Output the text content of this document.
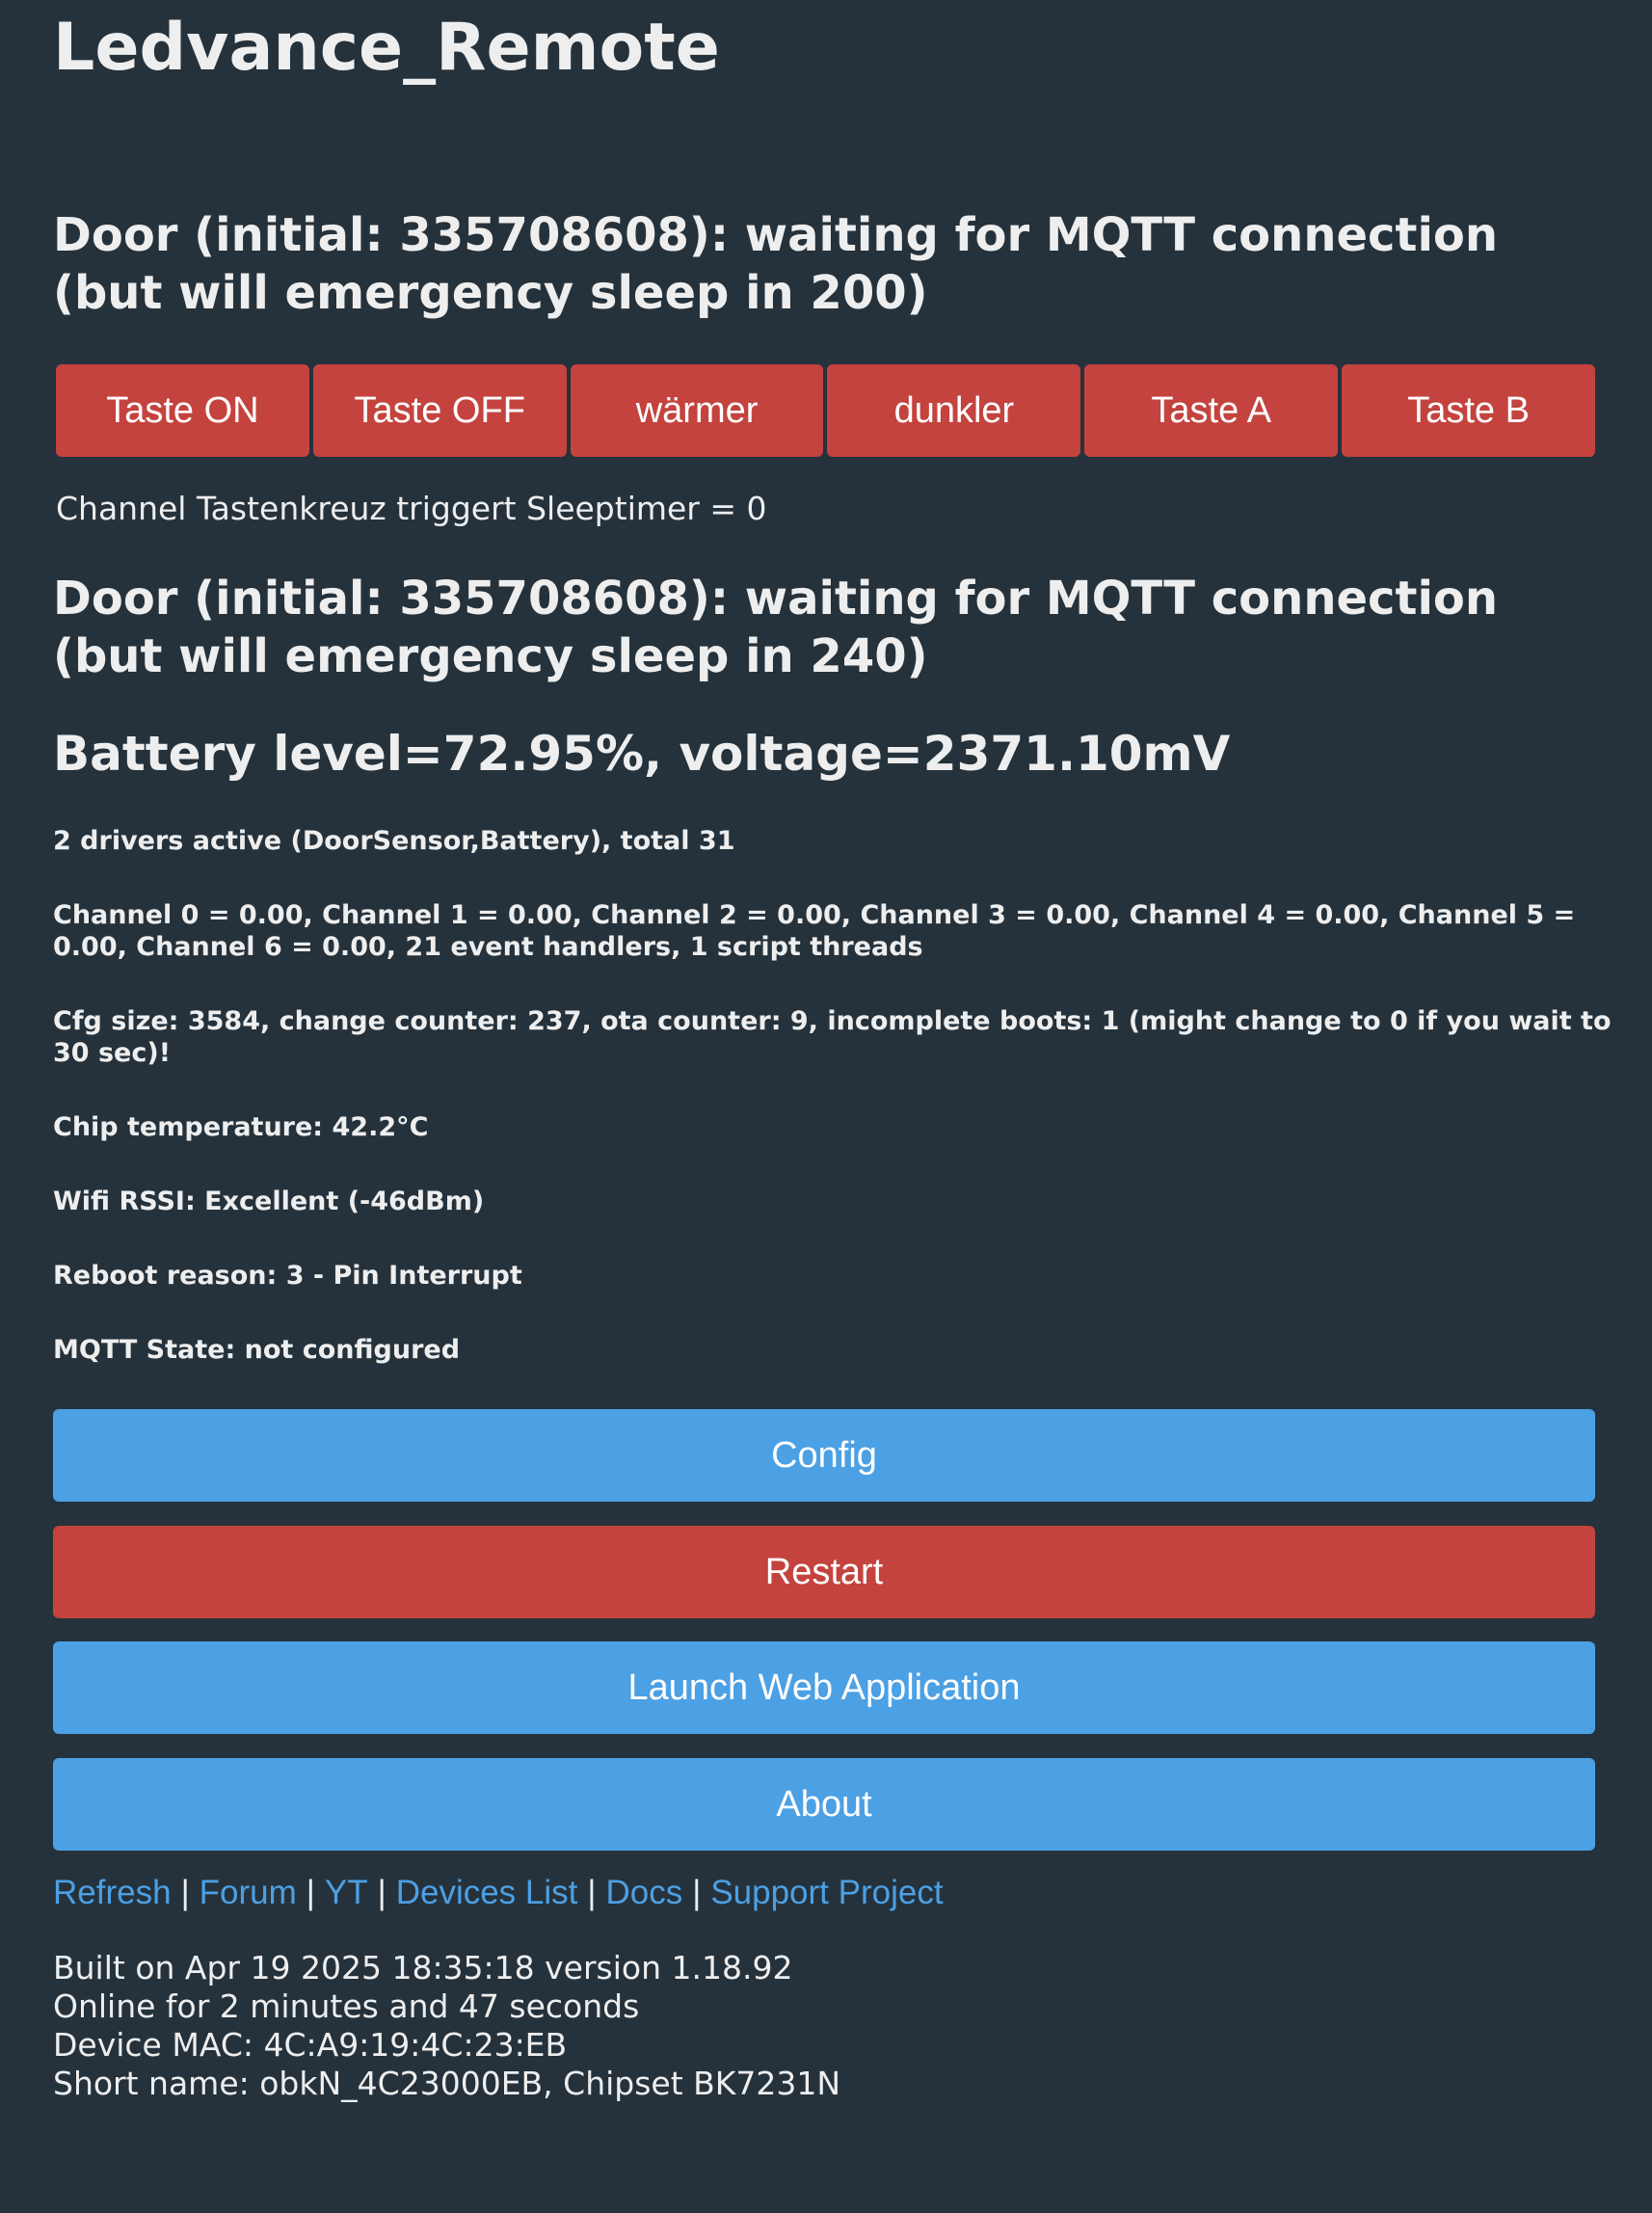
Ledvance_Remote
Door (initial: 335708608): waiting for MQTT connection (but will emergency sleep in 200)
Taste ON	Taste OFF	wärmer	dunkler	Taste A	Taste B
Channel Tastenkreuz triggert Sleeptimer = 0
Door (initial: 335708608): waiting for MQTT connection (but will emergency sleep in 240)
Battery level=72.95%, voltage=2371.10mV

2 drivers active (DoorSensor,Battery), total 31

Channel 0 = 0.00, Channel 1 = 0.00, Channel 2 = 0.00, Channel 3 = 0.00, Channel 4 = 0.00, Channel 5 = 0.00, Channel 6 = 0.00, 21 event handlers, 1 script threads

Cfg size: 3584, change counter: 237, ota counter: 9, incomplete boots: 1 (might change to 0 if you wait to 30 sec)!

Chip temperature: 42.2°C

Wifi RSSI: Excellent (-46dBm)

Reboot reason: 3 - Pin Interrupt

MQTT State: not configured

Config
Restart
Launch Web Application
About
Refresh | Forum | YT | Devices List | Docs | Support Project
Built on Apr 19 2025 18:35:18 version 1.18.92
Online for 2 minutes and 47 seconds
Device MAC: 4C:A9:19:4C:23:EB
Short name: obkN_4C23000EB, Chipset BK7231N
